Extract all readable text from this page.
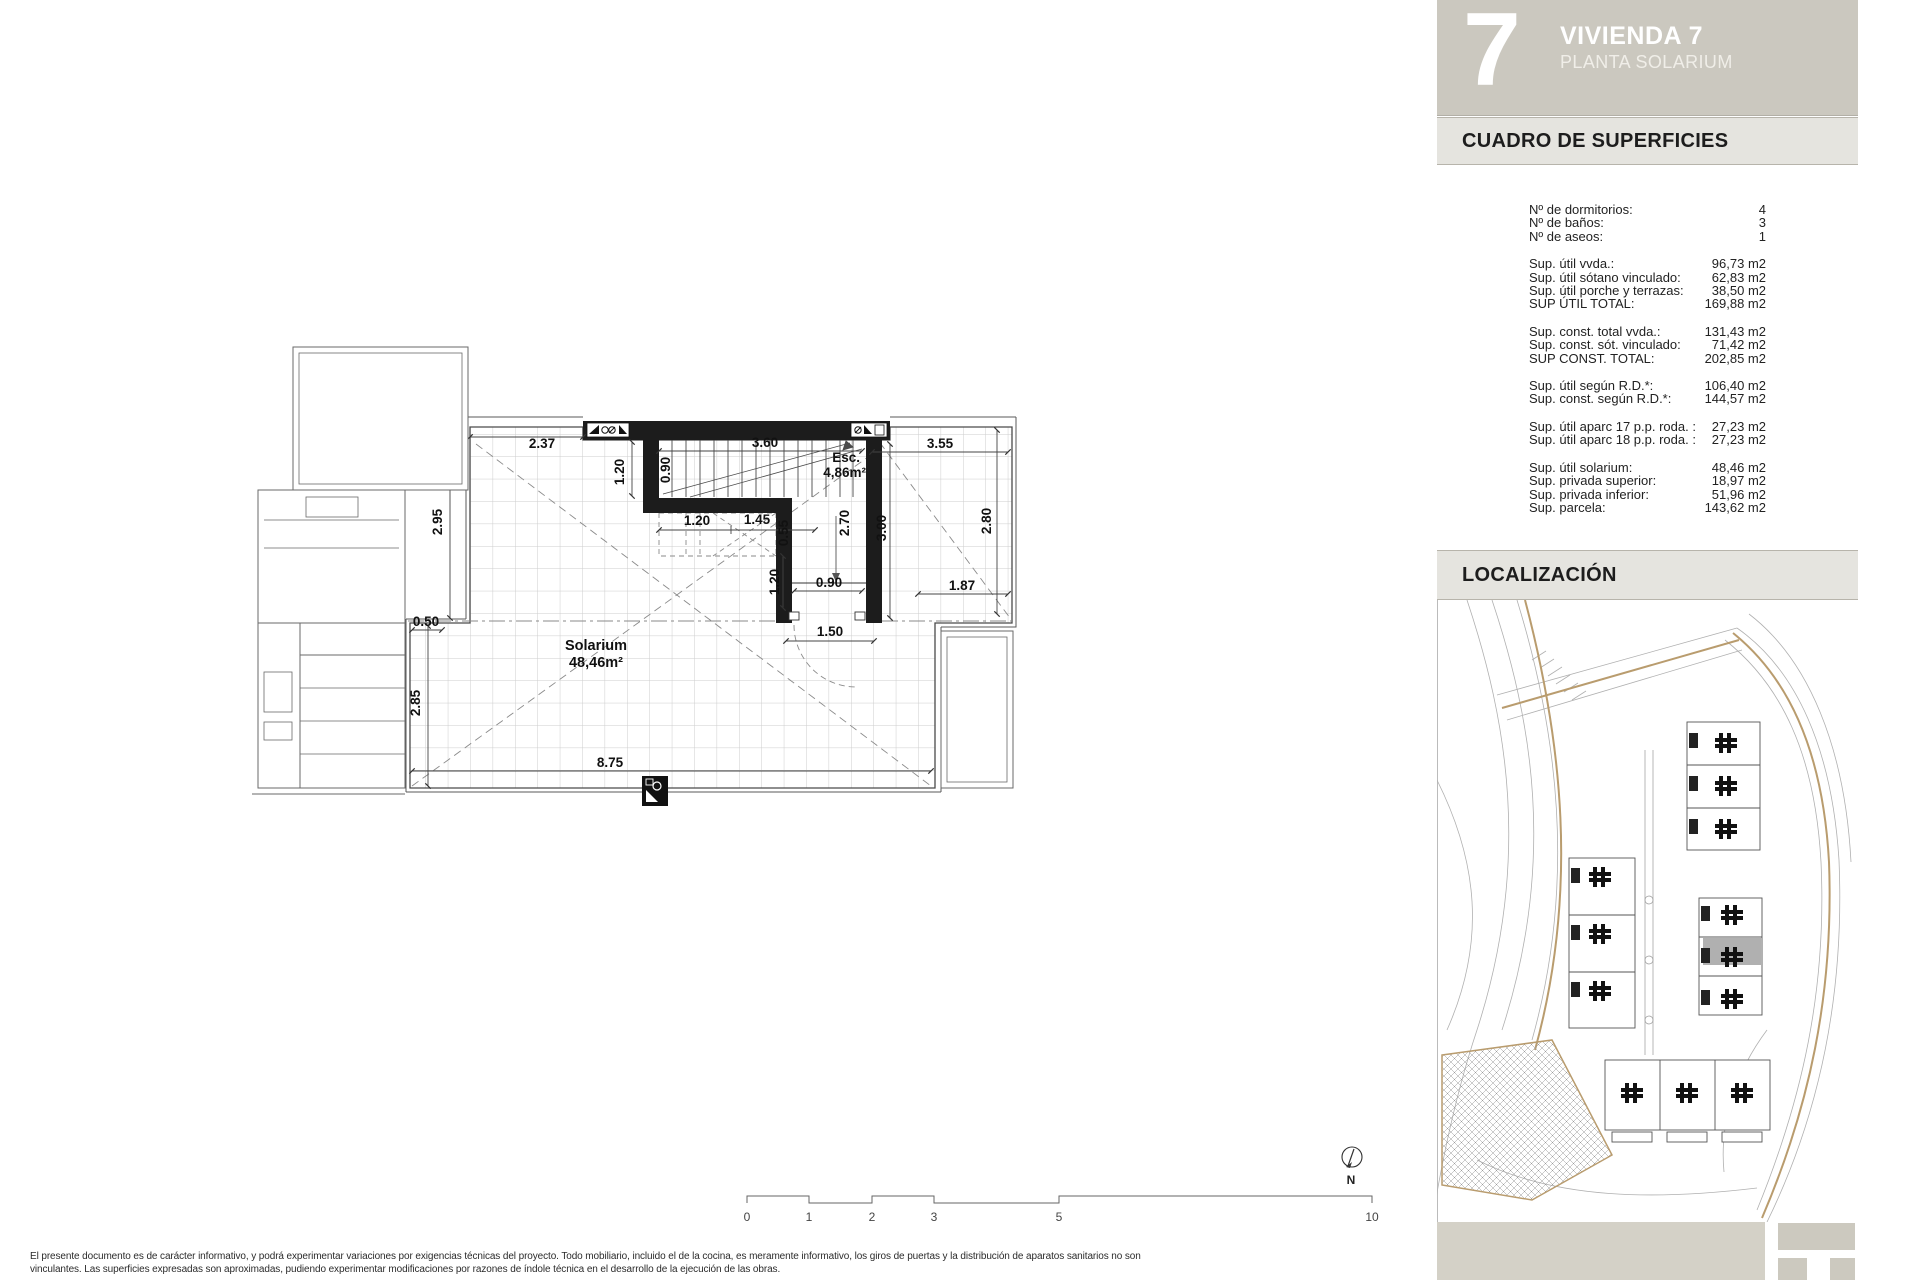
2.37	3.60	3.55
1.20 0.90
2.95	1.20 1.45
0.55	2.70 3.00
1.20	0.90
1.50
2.80
1.87
0.50
2.85
8.75
Esc.
4,86m²
Solarium
48,46m²
N
0	1	2	3	5	10
El presente documento es de carácter informativo, y podrá experimentar variaciones por exigencias técnicas del proyecto. Todo mobiliario, incluido el de la cocina, es meramente informativo, los giros de puertas y la distribución de aparatos sanitarios no son
vinculantes. Las superficies expresadas son aproximadas, pudiendo experimentar modificaciones por razones de índole técnica en el desarrollo de la ejecución de las obras.
7 VIVIENDA 7
PLANTA SOLARIUM
CUADRO DE SUPERFICIES
Nº de dormitorios:	4
Nº de baños:	3
Nº de aseos:	1
Sup. útil vvda.:	96,73 m2
Sup. útil sótano vinculado:	62,83 m2
Sup. útil porche y terrazas:	38,50 m2
SUP ÚTIL TOTAL:	169,88 m2
Sup. const. total vvda.:	131,43 m2
Sup. const. sót. vinculado:	71,42 m2
SUP CONST. TOTAL:	202,85 m2
Sup. útil según R.D.*:	106,40 m2
Sup. const. según R.D.*:	144,57 m2
Sup. útil aparc 17 p.p. roda. :	27,23 m2
Sup. útil aparc 18 p.p. roda. :	27,23 m2
Sup. útil solarium:	48,46 m2
Sup. privada superior:	18,97 m2
Sup. privada inferior:	51,96 m2
Sup. parcela:	143,62 m2
LOCALIZACIÓN
